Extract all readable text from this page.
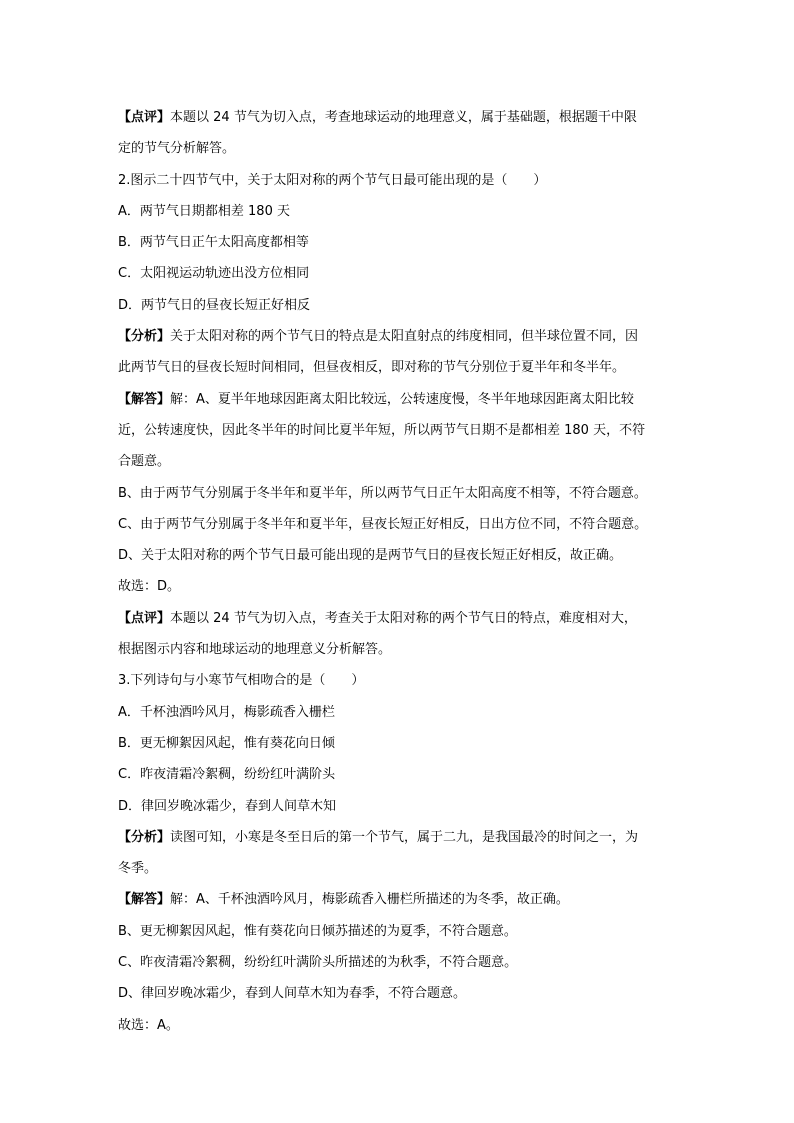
【点评】本题以 24 节气为切入点，考查地球运动的地理意义，属于基础题，根据题干中限
定的节气分析解答。
2.图示二十四节气中，关于太阳对称的两个节气日最可能出现的是（　　）
A．两节气日期都相差 180 天
B．两节气日正午太阳高度都相等
C．太阳视运动轨迹出没方位相同
D．两节气日的昼夜长短正好相反
【分析】关于太阳对称的两个节气日的特点是太阳直射点的纬度相同，但半球位置不同，因
此两节气日的昼夜长短时间相同，但昼夜相反，即对称的节气分别位于夏半年和冬半年。
【解答】解：A、夏半年地球因距离太阳比较远，公转速度慢，冬半年地球因距离太阳比较
近，公转速度快，因此冬半年的时间比夏半年短，所以两节气日期不是都相差 180 天，不符
合题意。
B、由于两节气分别属于冬半年和夏半年，所以两节气日正午太阳高度不相等，不符合题意。
C、由于两节气分别属于冬半年和夏半年，昼夜长短正好相反，日出方位不同，不符合题意。
D、关于太阳对称的两个节气日最可能出现的是两节气日的昼夜长短正好相反，故正确。
故选：D。
【点评】本题以 24 节气为切入点，考查关于太阳对称的两个节气日的特点，难度相对大，
根据图示内容和地球运动的地理意义分析解答。
3.下列诗句与小寒节气相吻合的是（　　）
A．千杯浊酒吟风月，梅影疏香入栅栏
B．更无柳絮因风起，惟有葵花向日倾
C．昨夜清霜冷絮稠，纷纷红叶满阶头
D．律回岁晚冰霜少，春到人间草木知
【分析】读图可知，小寒是冬至日后的第一个节气，属于二九，是我国最冷的时间之一，为
冬季。
【解答】解：A、千杯浊酒吟风月，梅影疏香入栅栏所描述的为冬季，故正确。
B、更无柳絮因风起，惟有葵花向日倾苏描述的为夏季，不符合题意。
C、昨夜清霜冷絮稠，纷纷红叶满阶头所描述的为秋季，不符合题意。
D、律回岁晚冰霜少，春到人间草木知为春季，不符合题意。
故选：A。
